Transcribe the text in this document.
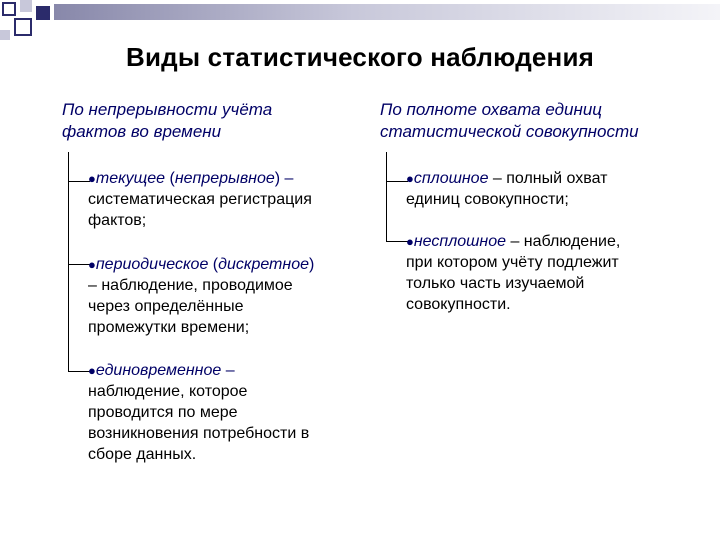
Виды статистического наблюдения
По непрерывности учёта
фактов во времени
●текущее (непрерывное) –
систематическая регистрация
фактов;
●периодическое (дискретное)
– наблюдение, проводимое
через определённые
промежутки времени;
●единовременное –
наблюдение, которое
проводится по мере
возникновения потребности в
сборе данных.
По полноте охвата единиц
статистической совокупности
●сплошное – полный охват
единиц совокупности;
●несплошное – наблюдение,
при котором учёту подлежит
только часть изучаемой
совокупности.
